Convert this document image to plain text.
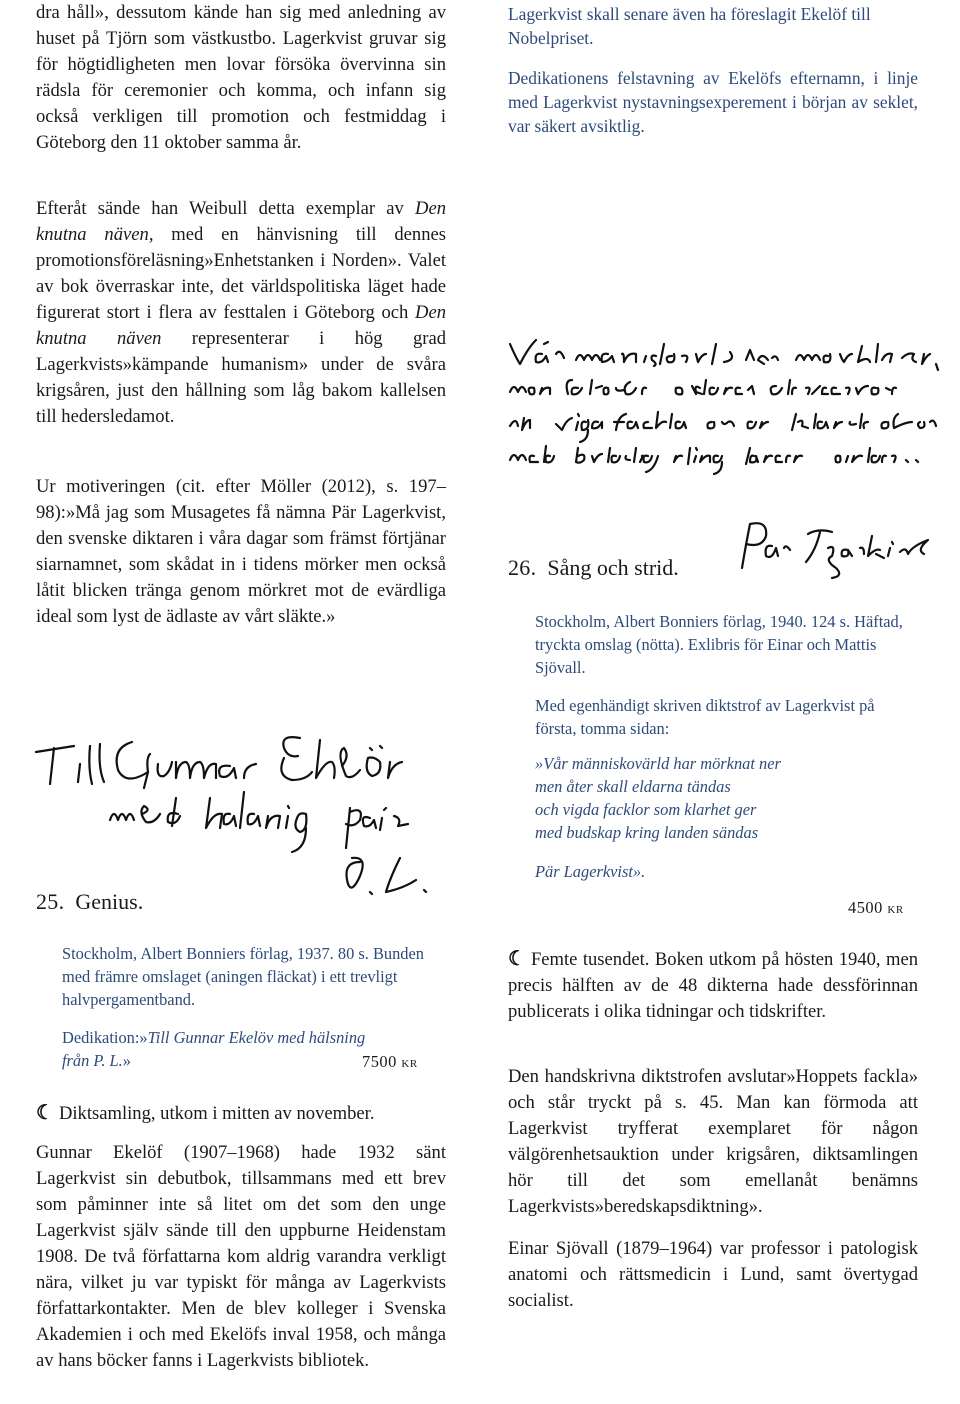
dra håll», dessutom kände han sig med anledning av huset på Tjörn som västkustbo. Lagerkvist gruvar sig för högtidligheten men lovar försöka övervinna sin rädsla för ceremonier och komma, och infann sig också verkligen till promotion och festmiddag i Göteborg den 11 oktober samma år.

Efteråt sände han Weibull detta exemplar av Den knutna näven, med en hänvisning till dennes promotionsföreläsning»Enhetstanken i Norden». Valet av bok överraskar inte, det världspolitiska läget hade figurerat stort i flera av festtalen i Göteborg och Den knutna näven representerar i hög grad Lagerkvists»kämpande humanism» under de svåra krigsåren, just den hållning som låg bakom kallelsen till hedersledamot.

Ur motiveringen (cit. efter Möller (2012), s. 197–98):»Må jag som Musagetes få nämna Pär Lagerkvist, den svenske diktaren i våra dagar som främst förtjänar siarnamnet, som skådat in i tidens mörker men också låtit blicken tränga genom mörkret mot de evärdliga ideal som lyst de ädlaste av vårt släkte.»

25. Genius.

Stockholm, Albert Bonniers förlag, 1937. 80 s. Bunden med främre omslaget (aningen fläckat) i ett trevligt halvpergamentband.

Dedikation:»Till Gunnar Ekelöv med hälsning från P. L.»	7500 kr

☾ Diktsamling, utkom i mitten av november.

Gunnar Ekelöf (1907–1968) hade 1932 sänt Lagerkvist sin debutbok, tillsammans med ett brev som påminner inte så litet om det som den unge Lagerkvist själv sände till den uppburne Heidenstam 1908. De två författarna kom aldrig varandra verkligt nära, vilket ju var typiskt för många av Lagerkvists författarkontakter. Men de blev kolleger i Svenska Akademien i och med Ekelöfs inval 1958, och många av hans böcker fanns i Lagerkvists bibliotek.

Lagerkvist skall senare även ha föreslagit Ekelöf till Nobelpriset.

Dedikationens felstavning av Ekelöfs efternamn, i linje med Lagerkvist nystavningsexperement i början av seklet, var säkert avsiktlig.

26. Sång och strid.

Stockholm, Albert Bonniers förlag, 1940. 124 s. Häftad, tryckta omslag (nötta). Exlibris för Einar och Mattis Sjövall.

Med egenhändigt skriven diktstrof av Lagerkvist på första, tomma sidan:

»Vår människovärld har mörknat ner

men åter skall eldarna tändas

och vigda facklor som klarhet ger

med budskap kring landen sändas

Pär Lagerkvist».

4500 kr

☾ Femte tusendet. Boken utkom på hösten 1940, men precis hälften av de 48 dikterna hade dessförinnan publicerats i olika tidningar och tidskrifter.

Den handskrivna diktstrofen avslutar»Hoppets fackla» och står tryckt på s. 45. Man kan förmoda att Lagerkvist tryfferat exemplaret för någon välgörenhetsauktion under krigsåren, diktsamlingen hör till det som emellanåt benämns Lagerkvists»beredskapsdiktning».

Einar Sjövall (1879–1964) var professor i patologisk anatomi och rättsmedicin i Lund, samt övertygad socialist.
